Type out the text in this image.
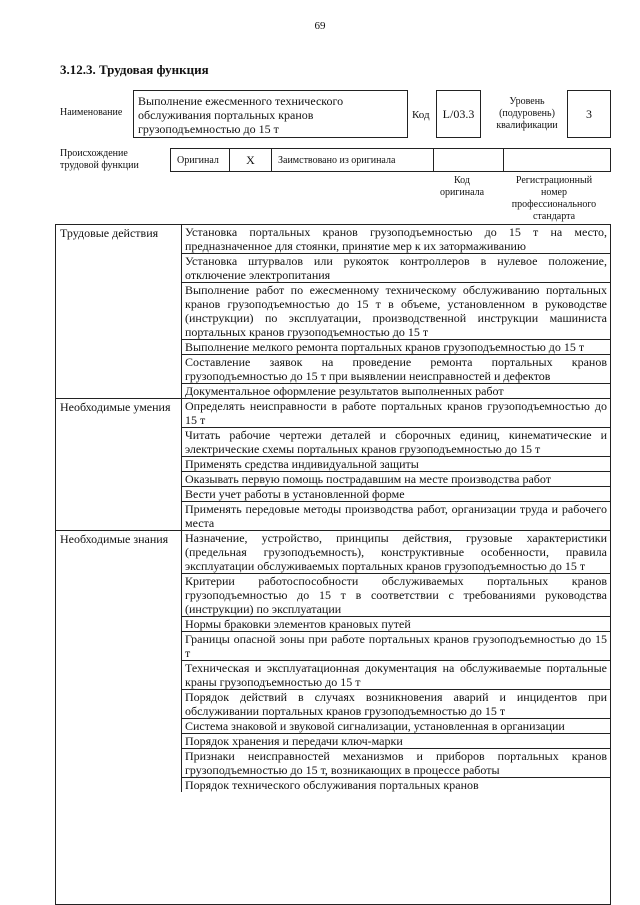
69
3.12.3. Трудовая функция
Наименование
Выполнение ежесменного технического обслуживания портальных кранов грузоподъемностью до 15 т
Код	L/03.3
Уровень (подуровень) квалификации
3
Происхождение трудовой функции	Оригинал	X	Заимствовано из оригинала
Код оригинала
Регистрационный номер профессионального стандарта
Трудовые действия	Установка портальных кранов грузоподъемностью до 15 т на место, предназначенное для стоянки, принятие мер к их затормаживанию
Установка штурвалов или рукояток контроллеров в нулевое положение, отключение электропитания
Выполнение работ по ежесменному техническому обслуживанию портальных кранов грузоподъемностью до 15 т в объеме, установленном в руководстве (инструкции) по эксплуатации, производственной инструкции машиниста портальных кранов грузоподъемностью до 15 т
Выполнение мелкого ремонта портальных кранов грузоподъемностью до 15 т
Составление заявок на проведение ремонта портальных кранов грузоподъемностью до 15 т при выявлении неисправностей и дефектов
Документальное оформление результатов выполненных работ
Необходимые умения	Определять неисправности в работе портальных кранов грузоподъемностью до 15 т
Читать рабочие чертежи деталей и сборочных единиц, кинематические и электрические схемы портальных кранов грузоподъемностью до 15 т
Применять средства индивидуальной защиты
Оказывать первую помощь пострадавшим на месте производства работ
Вести учет работы в установленной форме
Применять передовые методы производства работ, организации труда и рабочего места
Необходимые знания	Назначение, устройство, принципы действия, грузовые характеристики (предельная грузоподъемность), конструктивные особенности, правила эксплуатации обслуживаемых портальных кранов грузоподъемностью до 15 т
Критерии работоспособности обслуживаемых портальных кранов грузоподъемностью до 15 т в соответствии с требованиями руководства (инструкции) по эксплуатации
Нормы браковки элементов крановых путей
Границы опасной зоны при работе портальных кранов грузоподъемностью до 15 т
Техническая и эксплуатационная документация на обслуживаемые портальные краны грузоподъемностью до 15 т
Порядок действий в случаях возникновения аварий и инцидентов при обслуживании портальных кранов грузоподъемностью до 15 т
Система знаковой и звуковой сигнализации, установленная в организации
Порядок хранения и передачи ключ-марки
Признаки неисправностей механизмов и приборов портальных кранов грузоподъемностью до 15 т, возникающих в процессе работы
Порядок технического обслуживания портальных кранов
